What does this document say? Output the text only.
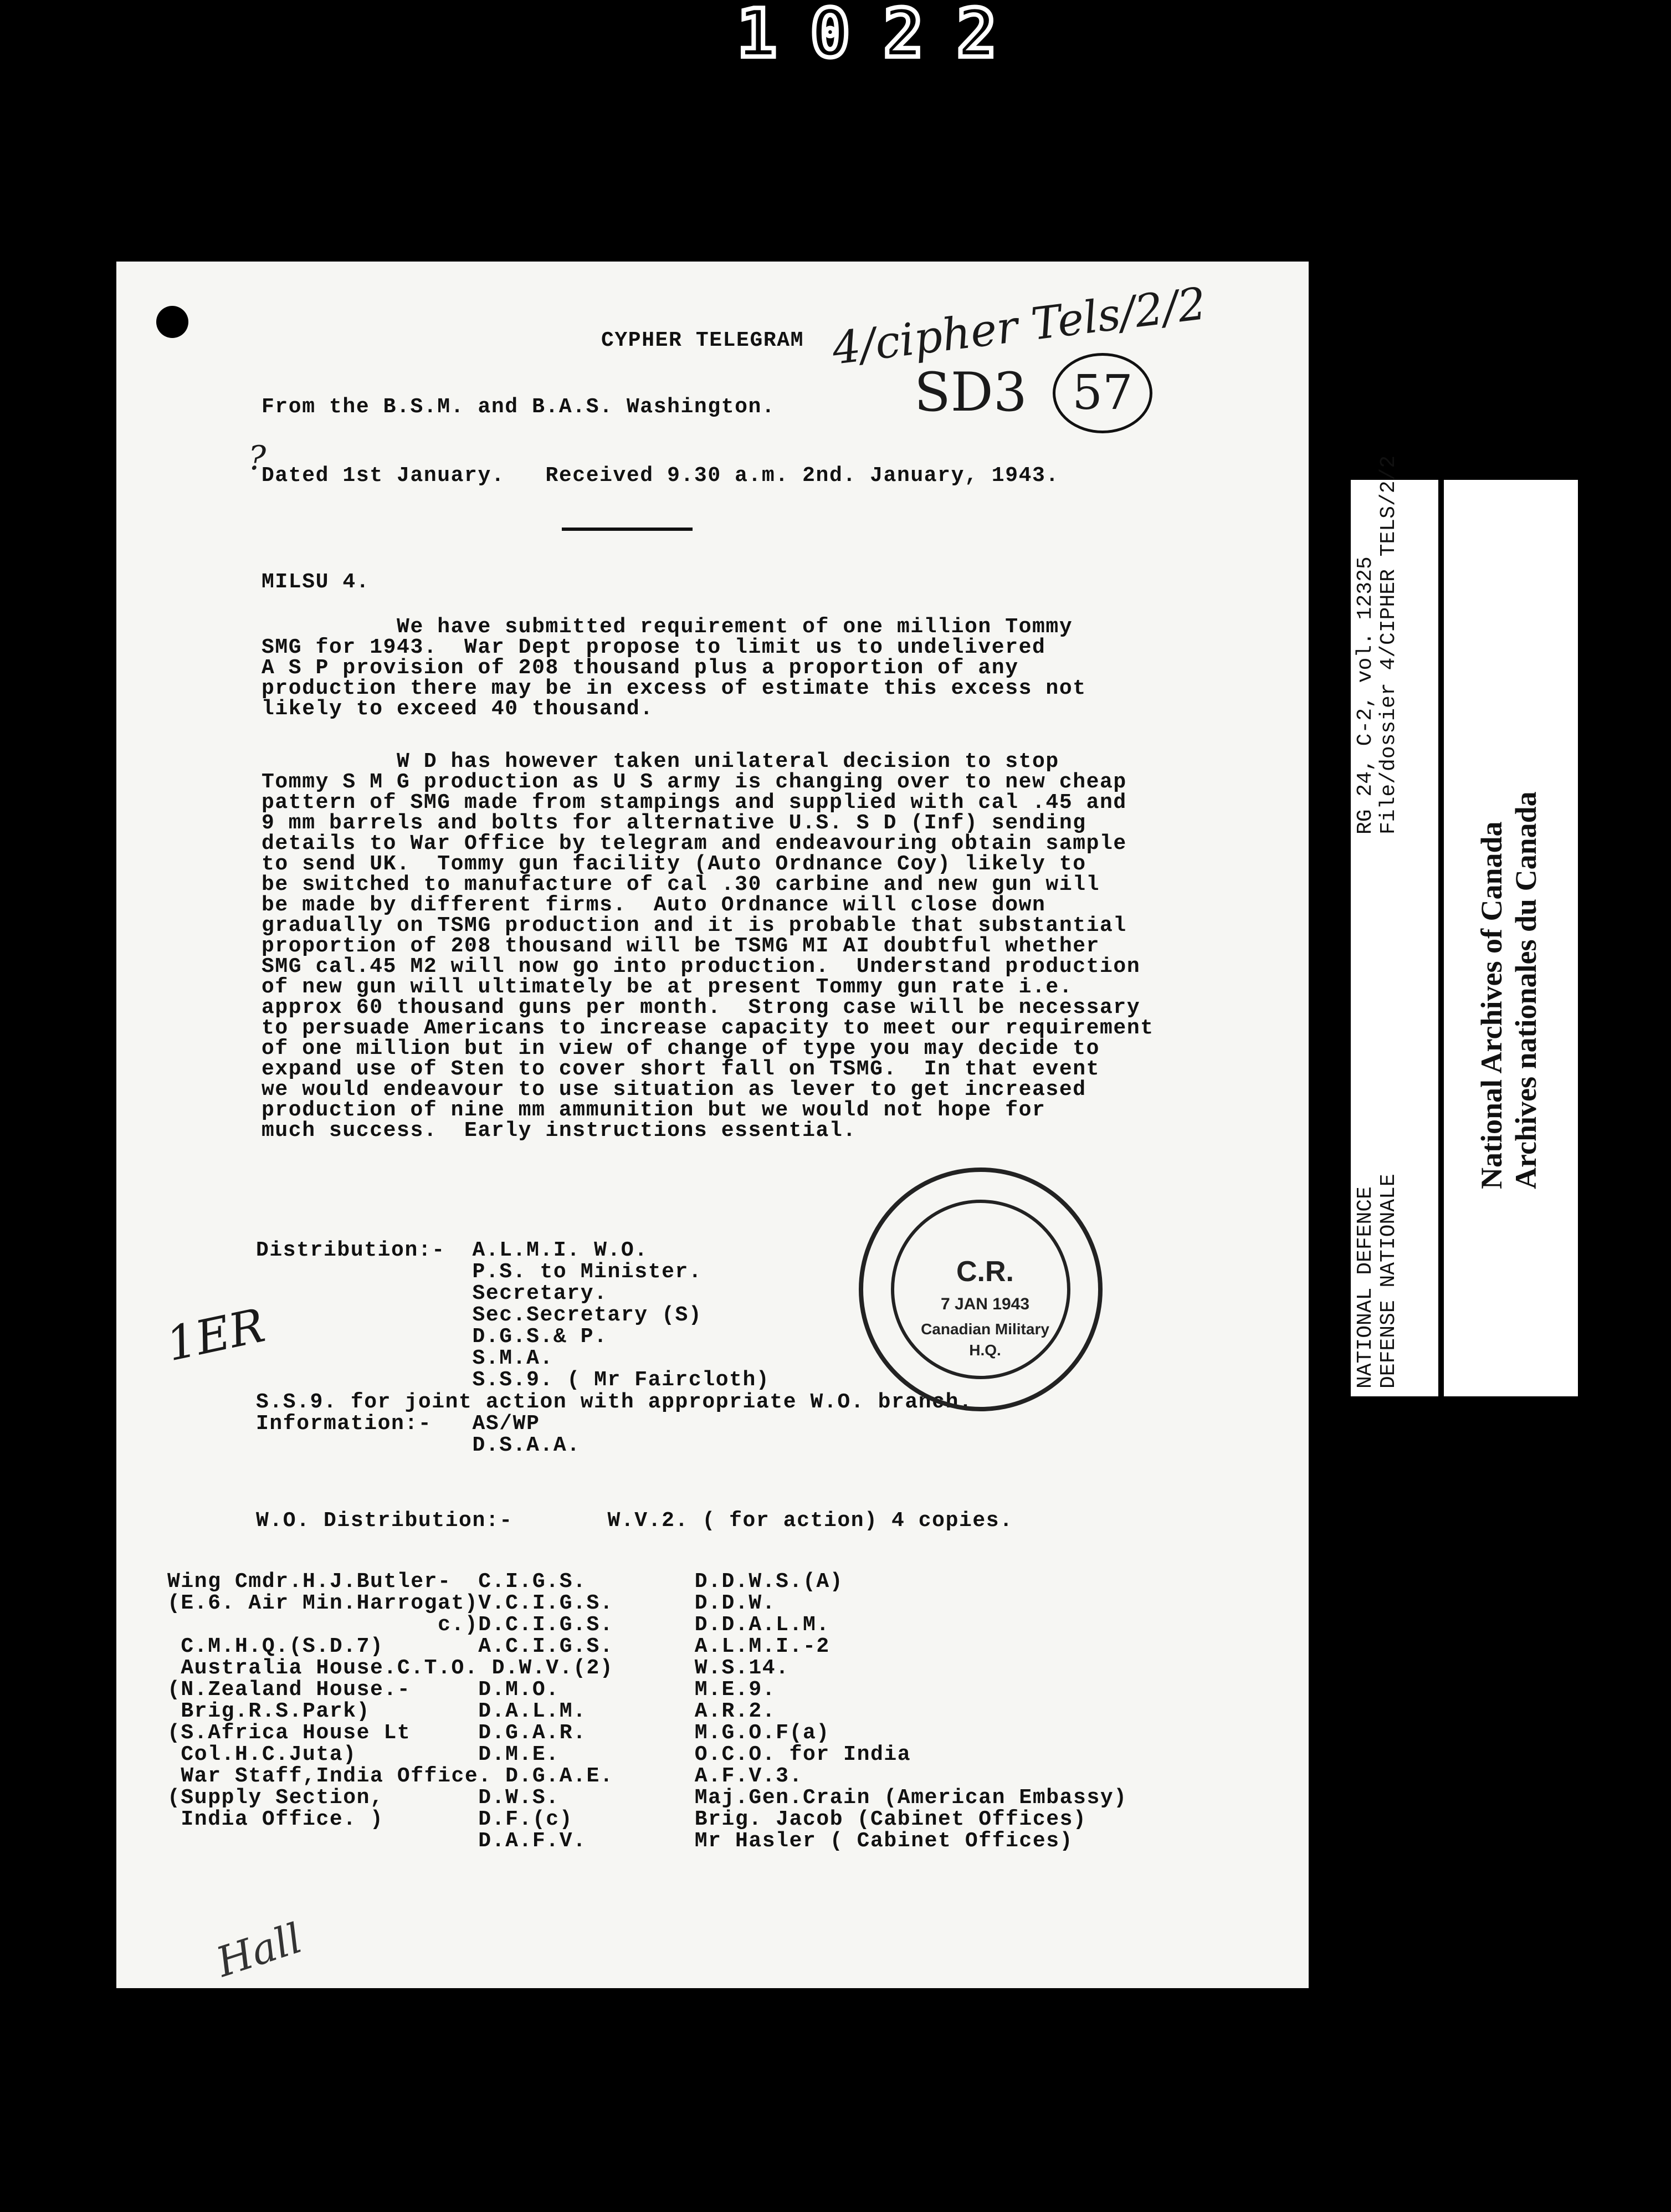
1022
4/cipher Tels/2/2
SD3 57
?
CYPHER TELEGRAM
From the B.S.M. and B.A.S. Washington.
Dated 1st January.   Received 9.30 a.m. 2nd. January, 1943.
MILSU 4.
We have submitted requirement of one million Tommy
SMG for 1943.  War Dept propose to limit us to undelivered
A S P provision of 208 thousand plus a proportion of any
production there may be in excess of estimate this excess not
likely to exceed 40 thousand.
W D has however taken unilateral decision to stop
Tommy S M G production as U S army is changing over to new cheap
pattern of SMG made from stampings and supplied with cal .45 and
9 mm barrels and bolts for alternative U.S. S D (Inf) sending
details to War Office by telegram and endeavouring obtain sample
to send UK.  Tommy gun facility (Auto Ordnance Coy) likely to
be switched to manufacture of cal .30 carbine and new gun will
be made by different firms.  Auto Ordnance will close down
gradually on TSMG production and it is probable that substantial
proportion of 208 thousand will be TSMG MI AI doubtful whether
SMG cal.45 M2 will now go into production.  Understand production
of new gun will ultimately be at present Tommy gun rate i.e.
approx 60 thousand guns per month.  Strong case will be necessary
to persuade Americans to increase capacity to meet our requirement
of one million but in view of change of type you may decide to
expand use of Sten to cover short fall on TSMG.  In that event
we would endeavour to use situation as lever to get increased
production of nine mm ammunition but we would not hope for
much success.  Early instructions essential.
Distribution:-  A.L.M.I. W.O.
P.S. to Minister.
Secretary.
Sec.Secretary (S)
D.G.S.& P.
S.M.A.
S.S.9. ( Mr Faircloth)
S.S.9. for joint action with appropriate W.O. branch.
Information:-   AS/WP
D.S.A.A.
1ER
C.R.
7 JAN 1943
Canadian Military
H.Q.
W.O. Distribution:-       W.V.2. ( for action) 4 copies.
Wing Cmdr.H.J.Butler-  C.I.G.S.        D.D.W.S.(A)
(E.6. Air Min.Harrogat)V.C.I.G.S.      D.D.W.
c.)D.C.I.G.S.      D.D.A.L.M.
C.M.H.Q.(S.D.7)       A.C.I.G.S.      A.L.M.I.-2
Australia House.C.T.O. D.W.V.(2)      W.S.14.
(N.Zealand House.-     D.M.O.          M.E.9.
Brig.R.S.Park)        D.A.L.M.        A.R.2.
(S.Africa House Lt     D.G.A.R.        M.G.O.F(a)
Col.H.C.Juta)         D.M.E.          O.C.O. for India
War Staff,India Office. D.G.A.E.      A.F.V.3.
(Supply Section,       D.W.S.          Maj.Gen.Crain (American Embassy)
India Office. )       D.F.(c)         Brig. Jacob (Cabinet Offices)
D.A.F.V.        Mr Hasler ( Cabinet Offices)
Hall
RG 24, C-2, vol. 12325 File/dossier 4/CIPHER TELS/2/2
NATIONAL DEFENCE DEFENSE NATIONALE
National Archives of Canada Archives nationales du Canada
